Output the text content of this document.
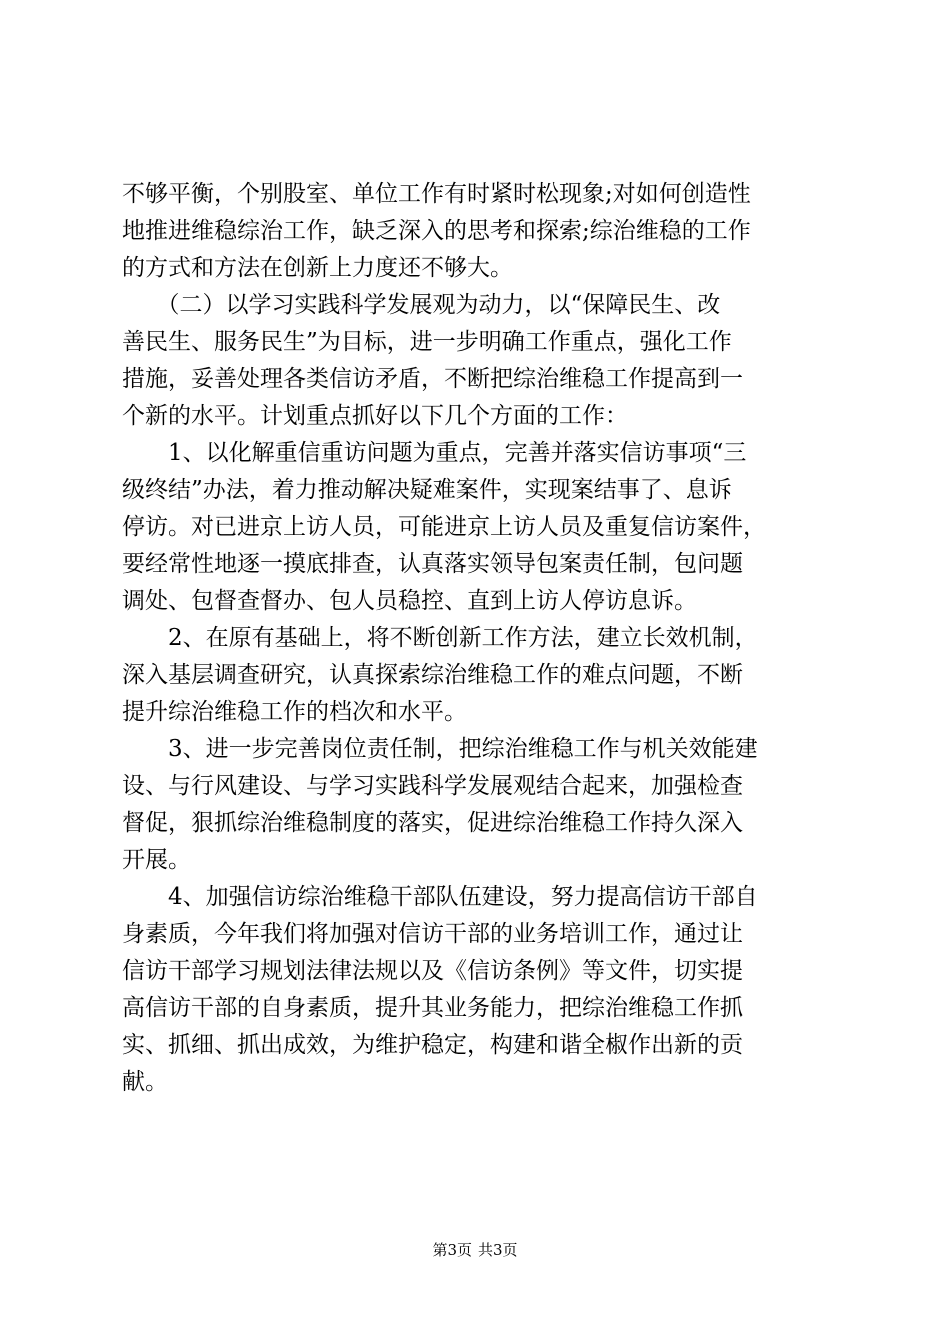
不够平衡，个别股室、单位工作有时紧时松现象;对如何创造性
地推进维稳综治工作，缺乏深入的思考和探索;综治维稳的工作
的方式和方法在创新上力度还不够大。
　　（二）以学习实践科学发展观为动力，以“保障民生、改
善民生、服务民生”为目标，进一步明确工作重点，强化工作
措施，妥善处理各类信访矛盾，不断把综治维稳工作提高到一
个新的水平。计划重点抓好以下几个方面的工作：
　　1、以化解重信重访问题为重点，完善并落实信访事项“三
级终结”办法，着力推动解决疑难案件，实现案结事了、息诉
停访。对已进京上访人员，可能进京上访人员及重复信访案件，
要经常性地逐一摸底排查，认真落实领导包案责任制，包问题
调处、包督查督办、包人员稳控、直到上访人停访息诉。
　　2、在原有基础上，将不断创新工作方法，建立长效机制，
深入基层调查研究，认真探索综治维稳工作的难点问题，不断
提升综治维稳工作的档次和水平。
　　3、进一步完善岗位责任制，把综治维稳工作与机关效能建
设、与行风建设、与学习实践科学发展观结合起来，加强检查
督促，狠抓综治维稳制度的落实，促进综治维稳工作持久深入
开展。
　　4、加强信访综治维稳干部队伍建设，努力提高信访干部自
身素质，今年我们将加强对信访干部的业务培训工作，通过让
信访干部学习规划法律法规以及《信访条例》等文件，切实提
高信访干部的自身素质，提升其业务能力，把综治维稳工作抓
实、抓细、抓出成效，为维护稳定，构建和谐全椒作出新的贡
献。
第3页 共3页
